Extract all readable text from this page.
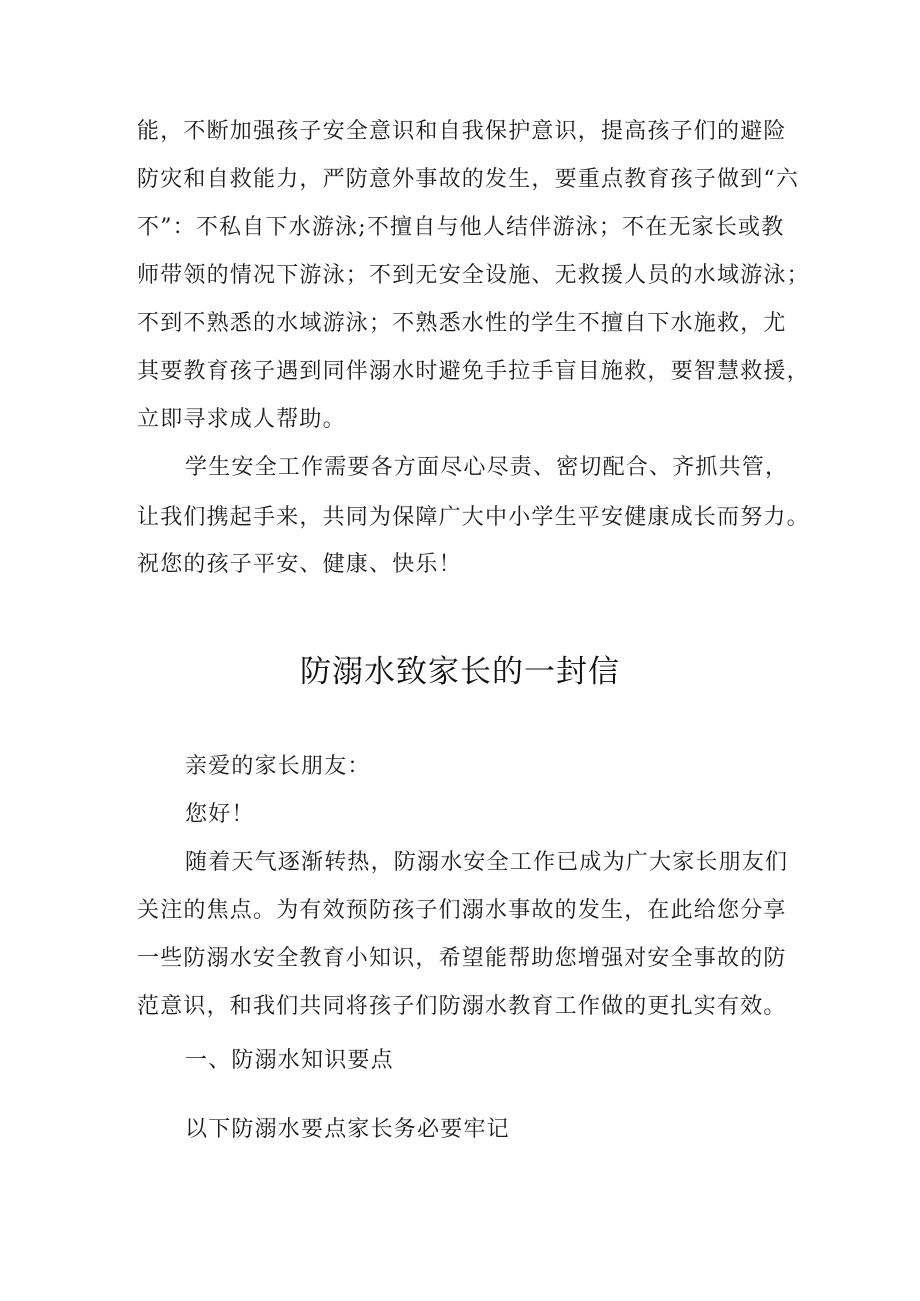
能，不断加强孩子安全意识和自我保护意识，提高孩子们的避险
防灾和自救能力，严防意外事故的发生，要重点教育孩子做到“六
不”：不私自下水游泳;不擅自与他人结伴游泳；不在无家长或教
师带领的情况下游泳；不到无安全设施、无救援人员的水域游泳；
不到不熟悉的水域游泳；不熟悉水性的学生不擅自下水施救，尤
其要教育孩子遇到同伴溺水时避免手拉手盲目施救，要智慧救援，
立即寻求成人帮助。
学生安全工作需要各方面尽心尽责、密切配合、齐抓共管，
让我们携起手来，共同为保障广大中小学生平安健康成长而努力。
祝您的孩子平安、健康、快乐！
防溺水致家长的一封信
亲爱的家长朋友：
您好！
随着天气逐渐转热，防溺水安全工作已成为广大家长朋友们
关注的焦点。为有效预防孩子们溺水事故的发生，在此给您分享
一些防溺水安全教育小知识，希望能帮助您增强对安全事故的防
范意识，和我们共同将孩子们防溺水教育工作做的更扎实有效。
一、防溺水知识要点
以下防溺水要点家长务必要牢记
